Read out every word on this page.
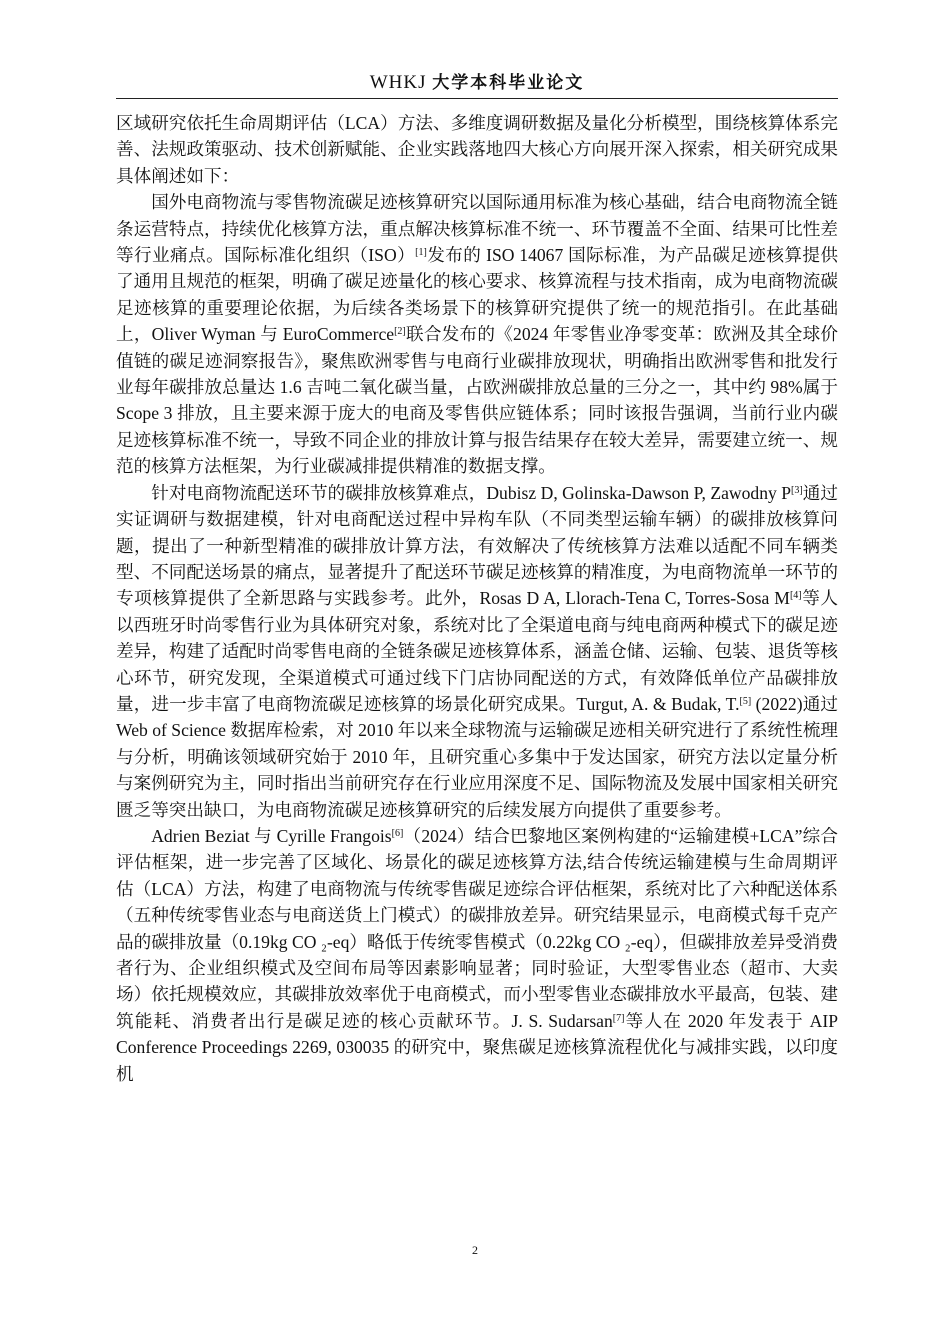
WHKJ 大学本科毕业论文

区域研究依托生命周期评估（LCA）方法、多维度调研数据及量化分析模型，围绕核算体系完善、法规政策驱动、技术创新赋能、企业实践落地四大核心方向展开深入探索，相关研究成果具体阐述如下：

国外电商物流与零售物流碳足迹核算研究以国际通用标准为核心基础，结合电商物流全链条运营特点，持续优化核算方法，重点解决核算标准不统一、环节覆盖不全面、结果可比性差等行业痛点。国际标准化组织（ISO）[1]发布的 ISO 14067 国际标准，为产品碳足迹核算提供了通用且规范的框架，明确了碳足迹量化的核心要求、核算流程与技术指南，成为电商物流碳足迹核算的重要理论依据，为后续各类场景下的核算研究提供了统一的规范指引。在此基础上，Oliver Wyman 与 EuroCommerce[2]联合发布的《2024 年零售业净零变革：欧洲及其全球价值链的碳足迹洞察报告》，聚焦欧洲零售与电商行业碳排放现状，明确指出欧洲零售和批发行业每年碳排放总量达 1.6 吉吨二氧化碳当量，占欧洲碳排放总量的三分之一，其中约 98%属于 Scope 3 排放，且主要来源于庞大的电商及零售供应链体系；同时该报告强调，当前行业内碳足迹核算标准不统一，导致不同企业的排放计算与报告结果存在较大差异，需要建立统一、规范的核算方法框架，为行业碳减排提供精准的数据支撑。

针对电商物流配送环节的碳排放核算难点，Dubisz D, Golinska-Dawson P, Zawodny P[3]通过实证调研与数据建模，针对电商配送过程中异构车队（不同类型运输车辆）的碳排放核算问题，提出了一种新型精准的碳排放计算方法，有效解决了传统核算方法难以适配不同车辆类型、不同配送场景的痛点，显著提升了配送环节碳足迹核算的精准度，为电商物流单一环节的专项核算提供了全新思路与实践参考。此外，Rosas D A, Llorach-Tena C, Torres-Sosa M[4]等人以西班牙时尚零售行业为具体研究对象，系统对比了全渠道电商与纯电商两种模式下的碳足迹差异，构建了适配时尚零售电商的全链条碳足迹核算体系，涵盖仓储、运输、包装、退货等核心环节，研究发现，全渠道模式可通过线下门店协同配送的方式，有效降低单位产品碳排放量，进一步丰富了电商物流碳足迹核算的场景化研究成果。Turgut, A. & Budak, T.[5] (2022)通过 Web of Science 数据库检索，对 2010 年以来全球物流与运输碳足迹相关研究进行了系统性梳理与分析，明确该领域研究始于 2010 年，且研究重心多集中于发达国家，研究方法以定量分析与案例研究为主，同时指出当前研究存在行业应用深度不足、国际物流及发展中国家相关研究匮乏等突出缺口，为电商物流碳足迹核算研究的后续发展方向提供了重要参考。

Adrien Beziat 与 Cyrille Frangois[6]（2024）结合巴黎地区案例构建的“运输建模+LCA”综合评估框架，进一步完善了区域化、场景化的碳足迹核算方法,结合传统运输建模与生命周期评估（LCA）方法，构建了电商物流与传统零售碳足迹综合评估框架，系统对比了六种配送体系（五种传统零售业态与电商送货上门模式）的碳排放差异。研究结果显示，电商模式每千克产品的碳排放量（0.19kg CO ₂-eq）略低于传统零售模式（0.22kg CO ₂-eq），但碳排放差异受消费者行为、企业组织模式及空间布局等因素影响显著；同时验证，大型零售业态（超市、大卖场）依托规模效应，其碳排放效率优于电商模式，而小型零售业态碳排放水平最高，包装、建筑能耗、消费者出行是碳足迹的核心贡献环节。J. S. Sudarsan[7]等人在 2020 年发表于 AIP Conference Proceedings 2269, 030035 的研究中，聚焦碳足迹核算流程优化与减排实践，以印度机

2
